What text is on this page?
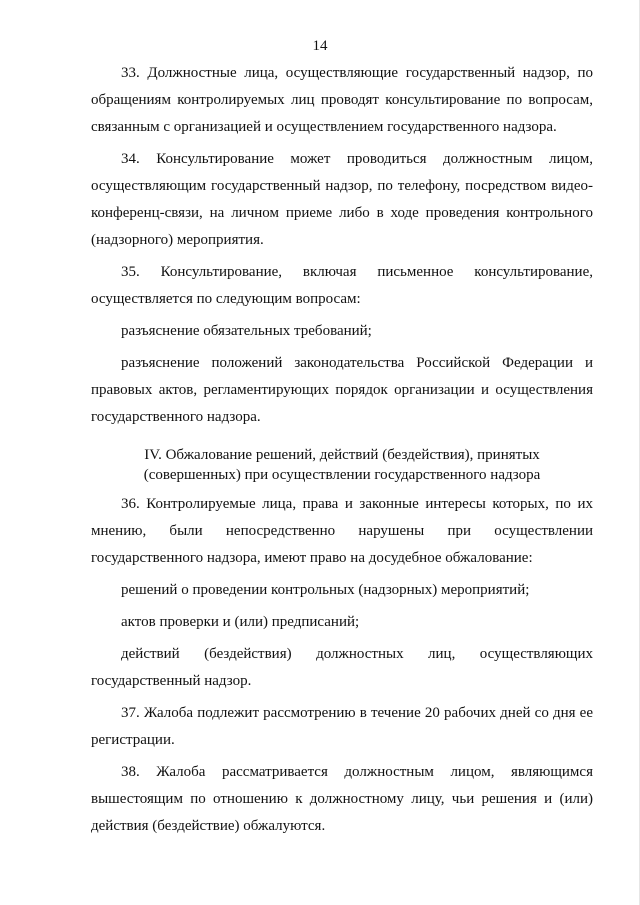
14

33. Должностные лица, осуществляющие государственный надзор, по обращениям контролируемых лиц проводят консультирование по вопросам, связанным с организацией и осуществлением государственного надзора.

34. Консультирование может проводиться должностным лицом, осуществляющим государственный надзор, по телефону, посредством видео-конференц-связи, на личном приеме либо в ходе проведения контрольного (надзорного) мероприятия.

35. Консультирование, включая письменное консультирование, осуществляется по следующим вопросам:

разъяснение обязательных требований;

разъяснение положений законодательства Российской Федерации и правовых актов, регламентирующих порядок организации и осуществления государственного надзора.

IV. Обжалование решений, действий (бездействия), принятых
(совершенных) при осуществлении государственного надзора

36. Контролируемые лица, права и законные интересы которых, по их мнению, были непосредственно нарушены при осуществлении государственного надзора, имеют право на досудебное обжалование:

решений о проведении контрольных (надзорных) мероприятий;

актов проверки и (или) предписаний;

действий (бездействия) должностных лиц, осуществляющих государственный надзор.

37. Жалоба подлежит рассмотрению в течение 20 рабочих дней со дня ее регистрации.

38. Жалоба рассматривается должностным лицом, являющимся вышестоящим по отношению к должностному лицу, чьи решения и (или) действия (бездействие) обжалуются.
